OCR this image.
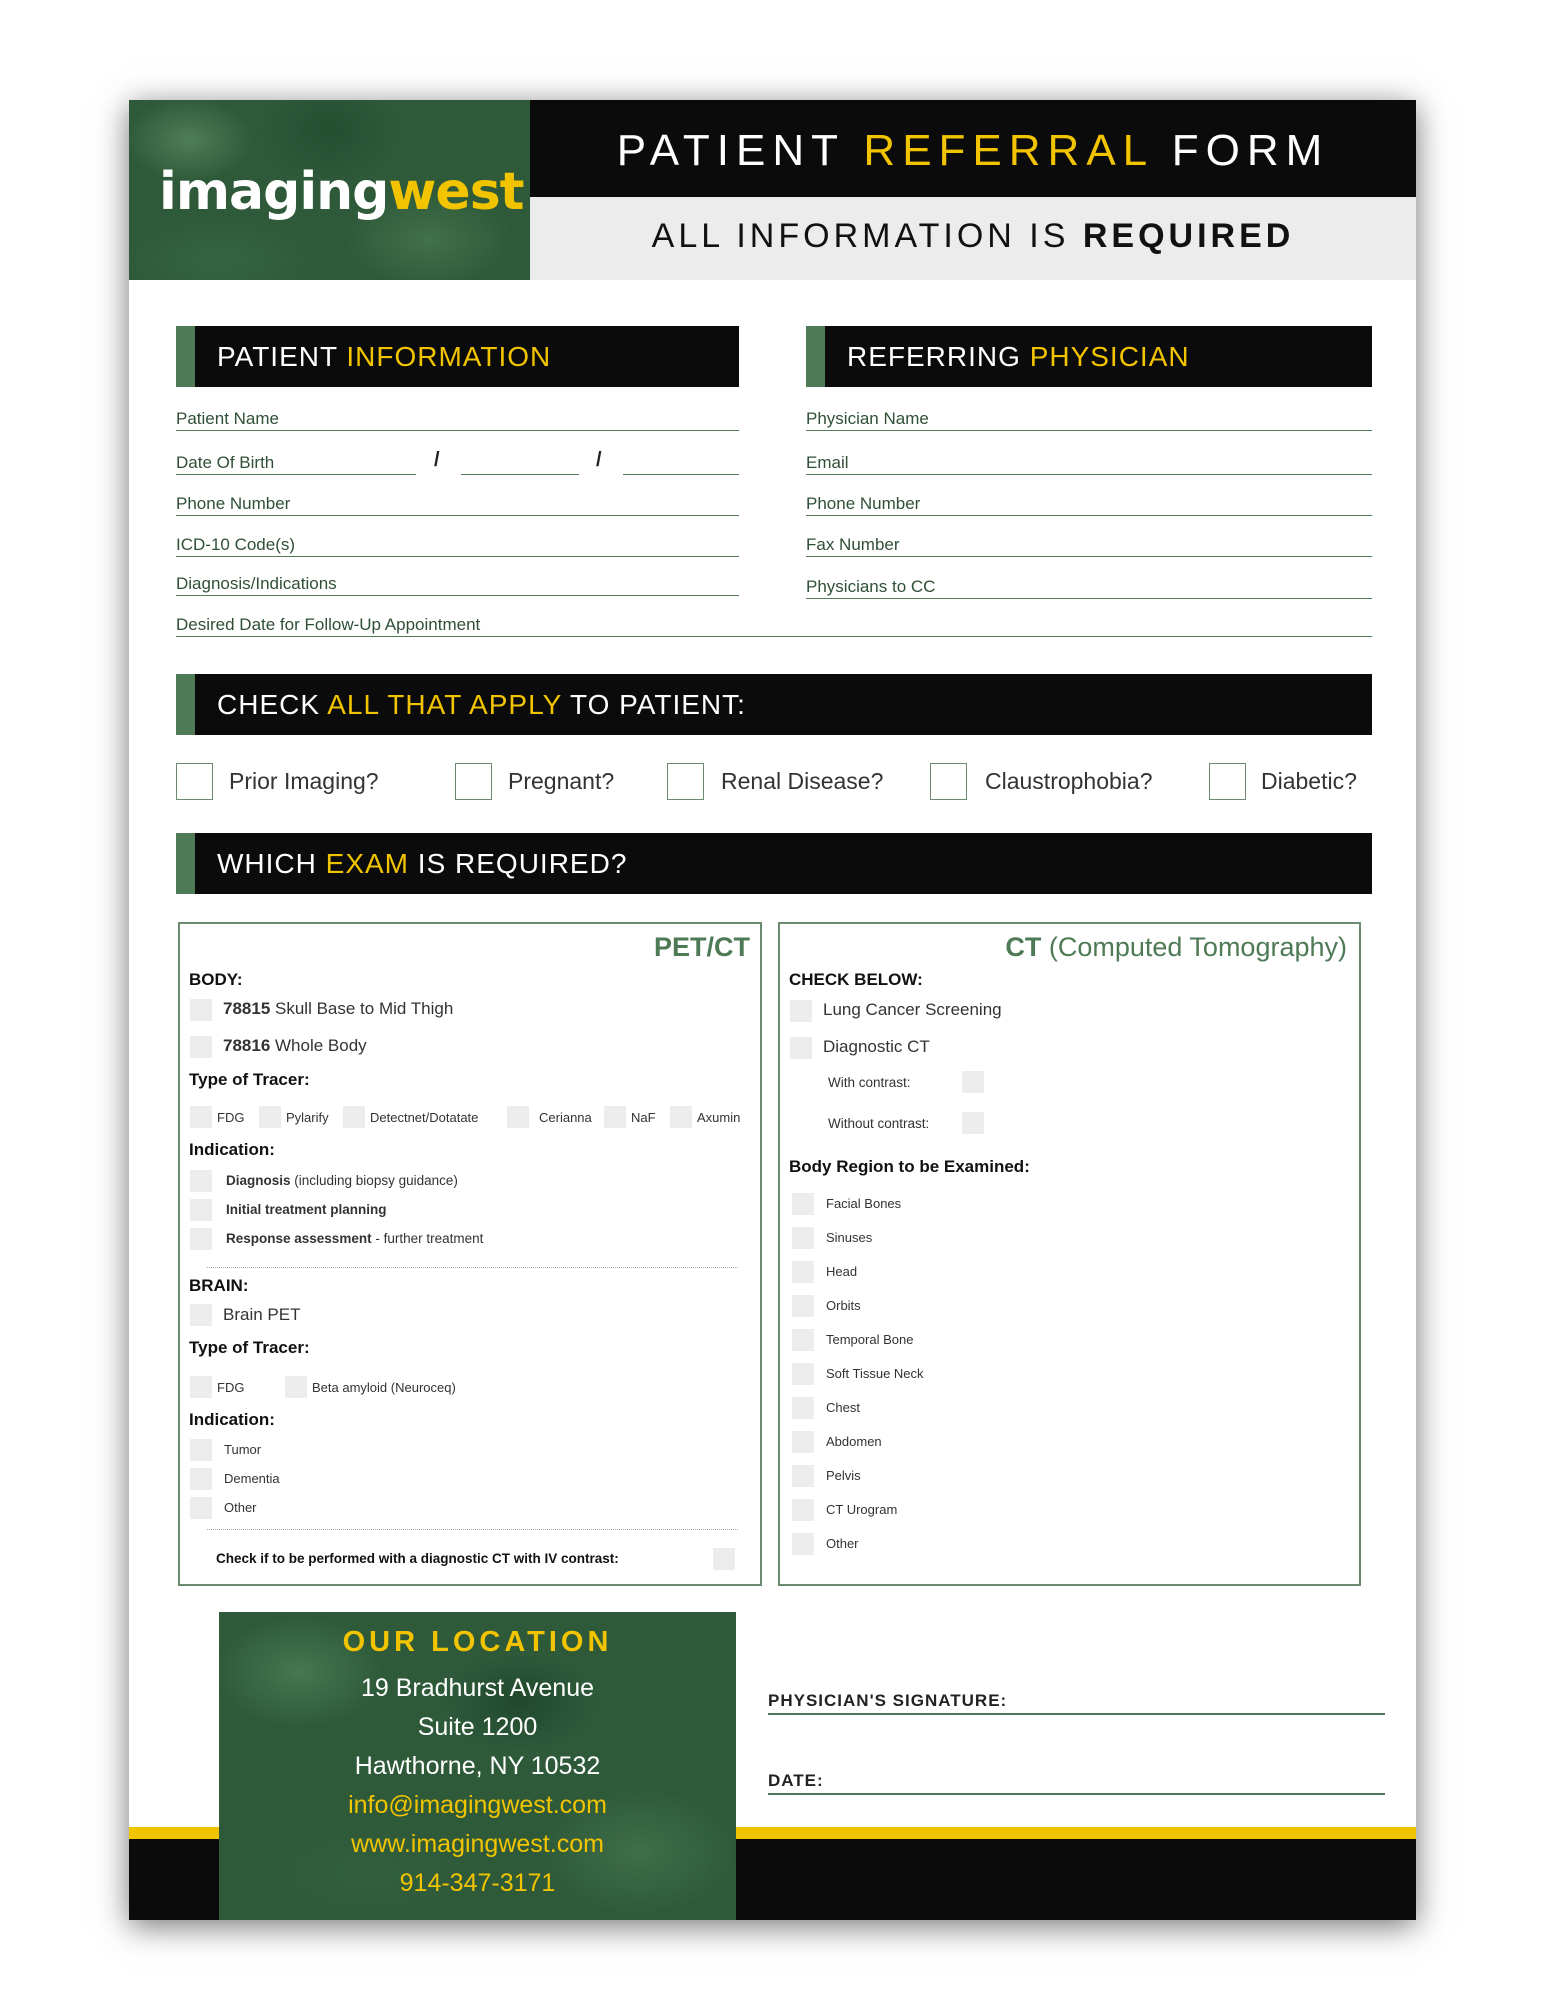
imagingwest
PATIENT REFERRAL FORM
ALL INFORMATION IS REQUIRED
PATIENT INFORMATION
Patient Name
Date Of Birth	/	/
Phone Number
ICD-10 Code(s)
Diagnosis/Indications
Desired Date for Follow-Up Appointment
REFERRING PHYSICIAN
Physician Name
Email
Phone Number
Fax Number
Physicians to CC
CHECK ALL THAT APPLY TO PATIENT:
Prior Imaging?	Pregnant?	Renal Disease?	Claustrophobia?	Diabetic?
WHICH EXAM IS REQUIRED?
PET/CT
BODY:
78815 Skull Base to Mid Thigh
78816 Whole Body
Type of Tracer:
FDG	Pylarify	Detectnet/Dotatate	Cerianna	NaF	Axumin
Indication:
Diagnosis (including biopsy guidance)
Initial treatment planning
Response assessment - further treatment
BRAIN:
Brain PET
Type of Tracer:
FDG	Beta amyloid (Neuroceq)
Indication:
Tumor
Dementia
Other
Check if to be performed with a diagnostic CT with IV contrast:
CT (Computed Tomography)
CHECK BELOW:
Lung Cancer Screening
Diagnostic CT
With contrast:
Without contrast:
Body Region to be Examined:
Facial Bones
Sinuses
Head
Orbits
Temporal Bone
Soft Tissue Neck
Chest
Abdomen
Pelvis
CT Urogram
Other
OUR LOCATION
19 Bradhurst Avenue
Suite 1200
Hawthorne, NY 10532
info@imagingwest.com
www.imagingwest.com
914-347-3171
PHYSICIAN'S SIGNATURE:
DATE:
